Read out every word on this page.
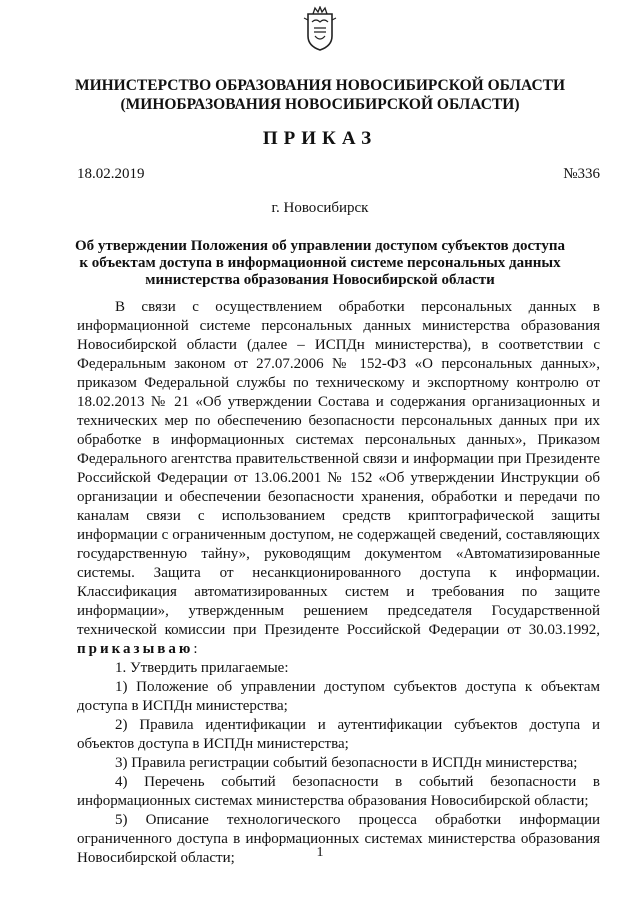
МИНИСТЕРСТВО ОБРАЗОВАНИЯ НОВОСИБИРСКОЙ ОБЛАСТИ
(МИНОБРАЗОВАНИЯ НОВОСИБИРСКОЙ ОБЛАСТИ)
ПРИКАЗ
18.02.2019	№336
г. Новосибирск
Об утверждении Положения об управлении доступом субъектов доступа
к объектам доступа в информационной системе персональных данных
министерства образования Новосибирской области

В связи с осуществлением обработки персональных данных в информационной системе персональных данных министерства образования Новосибирской области (далее – ИСПДн министерства), в соответствии с Федеральным законом от 27.07.2006 № 152-ФЗ «О персональных данных», приказом Федеральной службы по техническому и экспортному контролю от 18.02.2013 № 21 «Об утверждении Состава и содержания организационных и технических мер по обеспечению безопасности персональных данных при их обработке в информационных системах персональных данных», Приказом Федерального агентства правительственной связи и информации при Президенте Российской Федерации от 13.06.2001 № 152 «Об утверждении Инструкции об организации и обеспечении безопасности хранения, обработки и передачи по каналам связи с использованием средств криптографической защиты информации с ограниченным доступом, не содержащей сведений, составляющих государственную тайну», руководящим документом «Автоматизированные системы. Защита от несанкционированного доступа к информации. Классификация автоматизированных систем и требования по защите информации», утвержденным решением председателя Государственной технической комиссии при Президенте Российской Федерации от 30.03.1992, приказываю:

1. Утвердить прилагаемые:

1) Положение об управлении доступом субъектов доступа к объектам доступа в ИСПДн министерства;

2) Правила идентификации и аутентификации субъектов доступа и объектов доступа в ИСПДн министерства;

3) Правила регистрации событий безопасности в ИСПДн министерства;

4) Перечень событий безопасности в событий безопасности в информационных системах министерства образования Новосибирской области;

5) Описание технологического процесса обработки информации ограниченного доступа в информационных системах министерства образования Новосибирской области;	1
